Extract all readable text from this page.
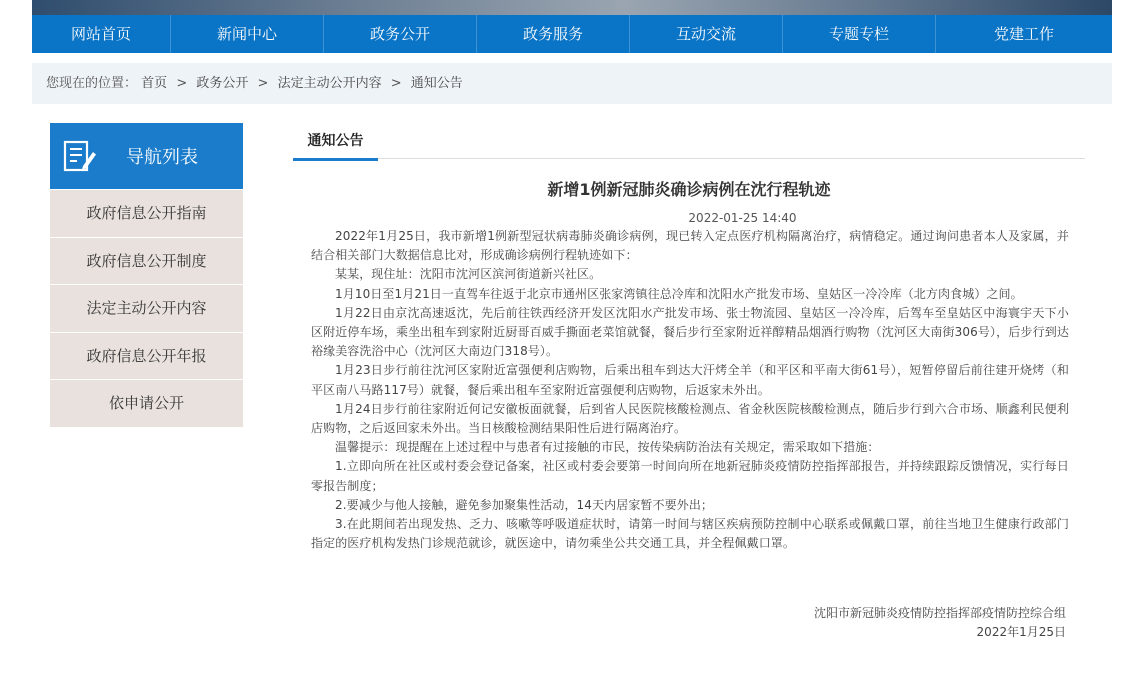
网站首页	新闻中心	政务公开	政务服务	互动交流	专题专栏	党建工作
您现在的位置： 首页 > 政务公开 > 法定主动公开内容 > 通知公告
导航列表
政府信息公开指南
政府信息公开制度
法定主动公开内容
政府信息公开年报
依申请公开
通知公告
新增1例新冠肺炎确诊病例在沈行程轨迹
2022-01-25 14:40

2022年1月25日，我市新增1例新型冠状病毒肺炎确诊病例，现已转入定点医疗机构隔离治疗，病情稳定。通过询问患者本人及家属，并结合相关部门大数据信息比对，形成确诊病例行程轨迹如下：

某某，现住址：沈阳市沈河区滨河街道新兴社区。

1月10日至1月21日一直驾车往返于北京市通州区张家湾镇往总冷库和沈阳水产批发市场、皇姑区一冷冷库（北方肉食城）之间。

1月22日由京沈高速返沈，先后前往铁西经济开发区沈阳水产批发市场、张士物流园、皇姑区一冷冷库，后驾车至皇姑区中海寰宇天下小区附近停车场，乘坐出租车到家附近厨哥百威手撕面老菜馆就餐，餐后步行至家附近祥醇精品烟酒行购物（沈河区大南街306号），后步行到达裕缘美容洗浴中心（沈河区大南边门318号）。

1月23日步行前往沈河区家附近富强便利店购物，后乘出租车到达大汗烤全羊（和平区和平南大街61号），短暂停留后前往建开烧烤（和平区南八马路117号）就餐，餐后乘出租车至家附近富强便利店购物，后返家未外出。

1月24日步行前往家附近何记安徽板面就餐，后到省人民医院核酸检测点、省金秋医院核酸检测点，随后步行到六合市场、顺鑫利民便利店购物，之后返回家未外出。当日核酸检测结果阳性后进行隔离治疗。

温馨提示：现提醒在上述过程中与患者有过接触的市民，按传染病防治法有关规定，需采取如下措施：

1.立即向所在社区或村委会登记备案，社区或村委会要第一时间向所在地新冠肺炎疫情防控指挥部报告，并持续跟踪反馈情况，实行每日零报告制度；

2.要减少与他人接触，避免参加聚集性活动，14天内居家暂不要外出；

3.在此期间若出现发热、乏力、咳嗽等呼吸道症状时，请第一时间与辖区疾病预防控制中心联系或佩戴口罩，前往当地卫生健康行政部门指定的医疗机构发热门诊规范就诊，就医途中，请勿乘坐公共交通工具，并全程佩戴口罩。

沈阳市新冠肺炎疫情防控指挥部疫情防控综合组
2022年1月25日
